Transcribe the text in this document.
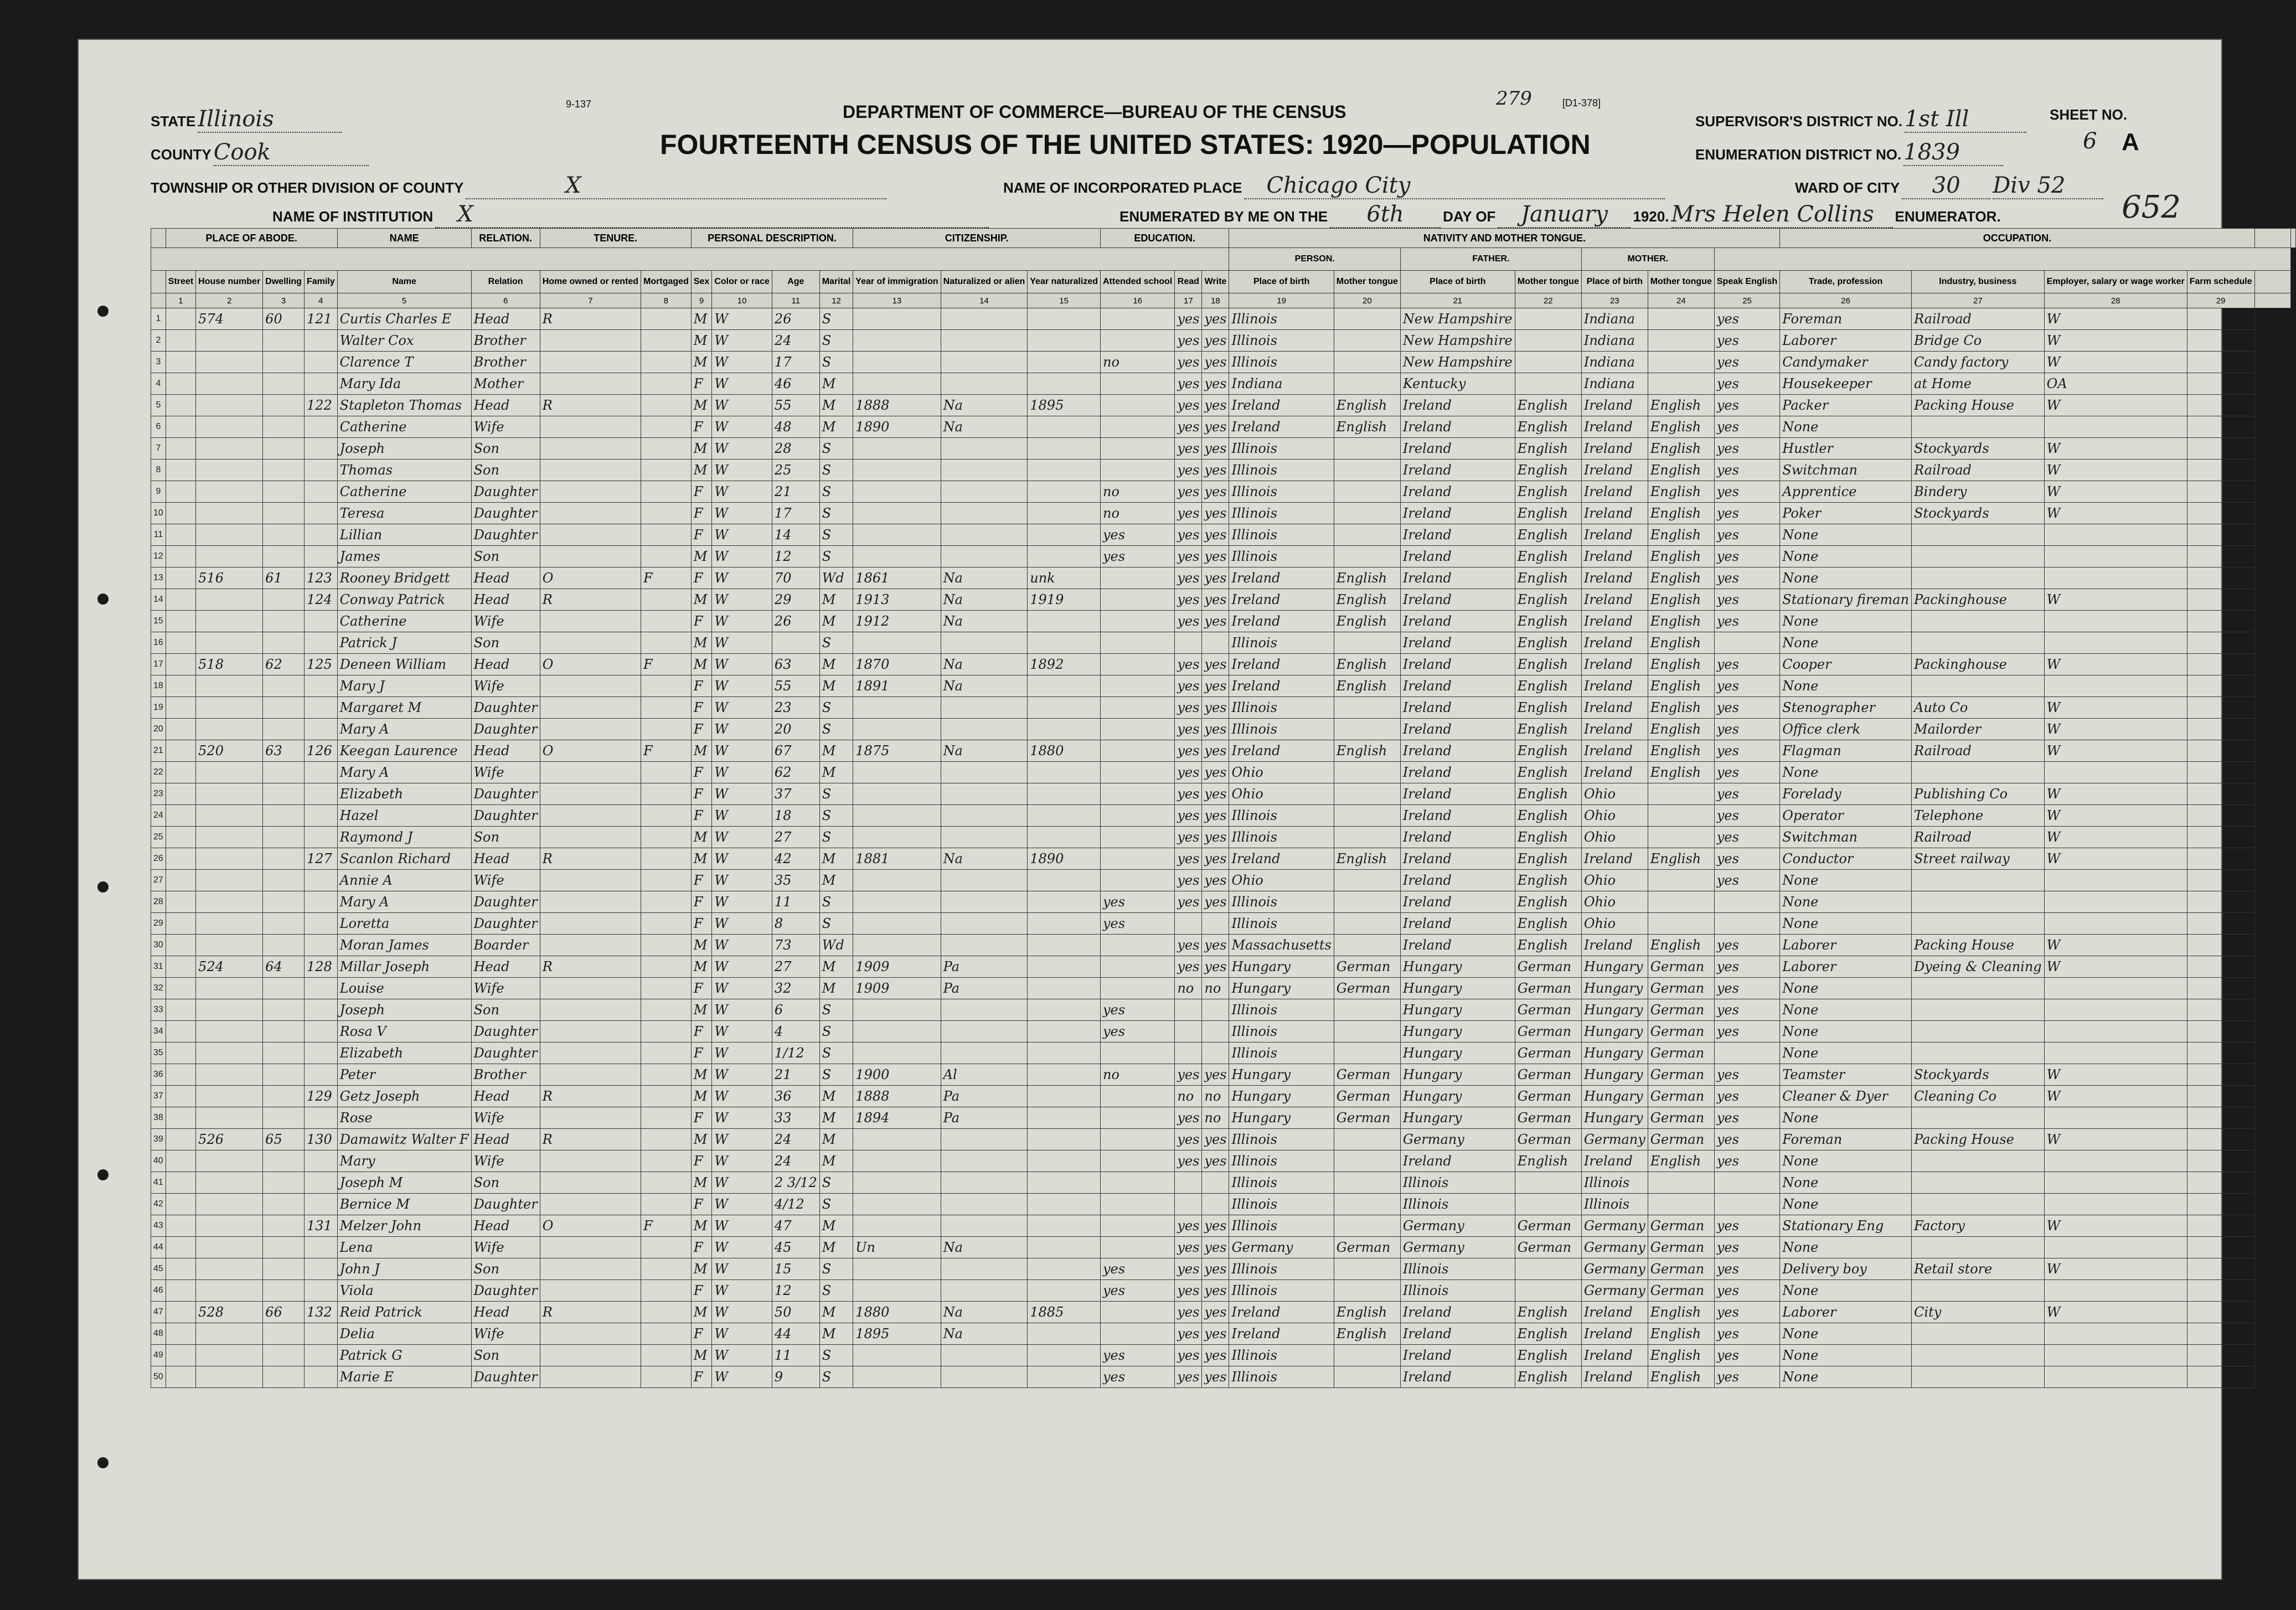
STATE Illinois
COUNTY Cook
9-137	DEPARTMENT OF COMMERCE—BUREAU OF THE CENSUS
279	[D1-378]
FOURTEENTH CENSUS OF THE UNITED STATES: 1920—POPULATION
SUPERVISOR'S DISTRICT NO. 1st Ill	SHEET NO.
6 A
ENUMERATION DISTRICT NO. 1839
TOWNSHIP OR OTHER DIVISION OF COUNTY	X	NAME OF INCORPORATED PLACE Chicago City	WARD OF CITY 30 Div 52
NAME OF INSTITUTION X	ENUMERATED BY ME ON THE 6th	DAY OF January 1920. Mrs Helen Collins ENUMERATOR.	652
	PLACE OF ABODE.				NAME	RELATION.	TENURE.		PERSONAL DESCRIPTION.				CITIZENSHIP.			EDUCATION.			NATIVITY AND MOTHER TONGUE.							OCCUPATION.					
																			PERSON.		FATHER.		MOTHER.								
	Street	House number	Dwelling	Family	Name	Relation	Home owned or rented	Mortgaged	Sex	Color or race	Age	Marital	Year of immigration	Naturalized or alien	Year naturalized	Attended school	Read	Write	Place of birth	Mother tongue	Place of birth	Mother tongue	Place of birth	Mother tongue	Speak English	Trade, profession	Industry, business	Employer, salary or wage worker	Farm schedule		
	1	2	3	4	5	6	7	8	9	10	11	12	13	14	15	16	17	18	19	20	21	22	23	24	25	26	27	28	29		
1		574	60	121	Curtis Charles E	Head	R		M	W	26	S					yes	yes	Illinois		New Hampshire		Indiana		yes	Foreman	Railroad	W		646	
2					Walter Cox	Brother			M	W	24	S					yes	yes	Illinois		New Hampshire		Indiana		yes	Laborer	Bridge Co	W		621	
3					Clarence T	Brother			M	W	17	S				no	yes	yes	Illinois		New Hampshire		Indiana		yes	Candymaker	Candy factory	W		454	
4					Mary Ida	Mother			F	W	46	M					yes	yes	Indiana		Kentucky		Indiana		yes	Housekeeper	at Home	OA			
5				122	Stapleton Thomas	Head	R		M	W	55	M	1888	Na	1895		yes	yes	Ireland	English	Ireland	English	Ireland	English	yes	Packer	Packing House	W		462	
6					Catherine	Wife			F	W	48	M	1890	Na			yes	yes	Ireland	English	Ireland	English	Ireland	English	yes	None					
7					Joseph	Son			M	W	28	S					yes	yes	Illinois		Ireland	English	Ireland	English	yes	Hustler	Stockyards	W		723	
8					Thomas	Son			M	W	25	S					yes	yes	Illinois		Ireland	English	Ireland	English	yes	Switchman	Railroad	W		654	
9					Catherine	Daughter			F	W	21	S				no	yes	yes	Illinois		Ireland	English	Ireland	English	yes	Apprentice	Bindery	W		131	
10					Teresa	Daughter			F	W	17	S				no	yes	yes	Illinois		Ireland	English	Ireland	English	yes	Poker	Stockyards	W		462	
11					Lillian	Daughter			F	W	14	S				yes	yes	yes	Illinois		Ireland	English	Ireland	English	yes	None					
12					James	Son			M	W	12	S				yes	yes	yes	Illinois		Ireland	English	Ireland	English	yes	None					
13		516	61	123	Rooney Bridgett	Head	O	F	F	W	70	Wd	1861	Na	unk		yes	yes	Ireland	English	Ireland	English	Ireland	English	yes	None					
14				124	Conway Patrick	Head	R		M	W	29	M	1913	Na	1919		yes	yes	Ireland	English	Ireland	English	Ireland	English	yes	Stationary fireman	Packinghouse	W		176	
15					Catherine	Wife			F	W	26	M	1912	Na			yes	yes	Ireland	English	Ireland	English	Ireland	English	yes	None					
16					Patrick J	Son			M	W		S							Illinois		Ireland	English	Ireland	English		None					
17		518	62	125	Deneen William	Head	O	F	M	W	63	M	1870	Na	1892		yes	yes	Ireland	English	Ireland	English	Ireland	English	yes	Cooper	Packinghouse	W		152	
18					Mary J	Wife			F	W	55	M	1891	Na			yes	yes	Ireland	English	Ireland	English	Ireland	English	yes	None					
19					Margaret M	Daughter			F	W	23	S					yes	yes	Illinois		Ireland	English	Ireland	English	yes	Stenographer	Auto Co	W		999	
20					Mary A	Daughter			F	W	20	S					yes	yes	Illinois		Ireland	English	Ireland	English	yes	Office clerk	Mailorder	W		707	
21		520	63	126	Keegan Laurence	Head	O	F	M	W	67	M	1875	Na	1880		yes	yes	Ireland	English	Ireland	English	Ireland	English	yes	Flagman	Railroad	W		654	
22					Mary A	Wife			F	W	62	M					yes	yes	Ohio		Ireland	English	Ireland	English	yes	None					
23					Elizabeth	Daughter			F	W	37	S					yes	yes	Ohio		Ireland	English	Ohio		yes	Forelady	Publishing Co	W		178	
24					Hazel	Daughter			F	W	18	S					yes	yes	Illinois		Ireland	English	Ohio		yes	Operator	Telephone	W		674	
25					Raymond J	Son			M	W	27	S					yes	yes	Illinois		Ireland	English	Ohio		yes	Switchman	Railroad	W		654	
26				127	Scanlon Richard	Head	R		M	W	42	M	1881	Na	1890		yes	yes	Ireland	English	Ireland	English	Ireland	English	yes	Conductor	Street railway	W		636	
27					Annie A	Wife			F	W	35	M					yes	yes	Ohio		Ireland	English	Ohio		yes	None					
28					Mary A	Daughter			F	W	11	S				yes	yes	yes	Illinois		Ireland	English	Ohio			None					
29					Loretta	Daughter			F	W	8	S				yes			Illinois		Ireland	English	Ohio			None					
30					Moran James	Boarder			M	W	73	Wd					yes	yes	Massachusetts		Ireland	English	Ireland	English	yes	Laborer	Packing House	W		244	
31		524	64	128	Millar Joseph	Head	R		M	W	27	M	1909	Pa			yes	yes	Hungary	German	Hungary	German	Hungary	German	yes	Laborer	Dyeing & Cleaning	W		120	
32					Louise	Wife			F	W	32	M	1909	Pa			no	no	Hungary	German	Hungary	German	Hungary	German	yes	None					
33					Joseph	Son			M	W	6	S				yes			Illinois		Hungary	German	Hungary	German	yes	None					
34					Rosa V	Daughter			F	W	4	S				yes			Illinois		Hungary	German	Hungary	German	yes	None					
35					Elizabeth	Daughter			F	W	1/12	S							Illinois		Hungary	German	Hungary	German		None					
36					Peter	Brother			M	W	21	S	1900	Al		no	yes	yes	Hungary	German	Hungary	German	Hungary	German	yes	Teamster	Stockyards	W		612	
37				129	Getz Joseph	Head	R		M	W	36	M	1888	Pa			no	no	Hungary	German	Hungary	German	Hungary	German	yes	Cleaner & Dyer	Cleaning Co	W		970	
38					Rose	Wife			F	W	33	M	1894	Pa			yes	no	Hungary	German	Hungary	German	Hungary	German	yes	None					
39		526	65	130	Damawitz Walter F	Head	R		M	W	24	M					yes	yes	Illinois		Germany	German	Germany	German	yes	Foreman	Packing House	W		178	
40					Mary	Wife			F	W	24	M					yes	yes	Illinois		Ireland	English	Ireland	English	yes	None					
41					Joseph M	Son			M	W	2 3/12	S							Illinois		Illinois		Illinois			None					
42					Bernice M	Daughter			F	W	4/12	S							Illinois		Illinois		Illinois			None					
43				131	Melzer John	Head	O	F	M	W	47	M					yes	yes	Illinois		Germany	German	Germany	German	yes	Stationary Eng	Factory	W		164	
44					Lena	Wife			F	W	45	M	Un	Na			yes	yes	Germany	German	Germany	German	Germany	German	yes	None					
45					John J	Son			M	W	15	S				yes	yes	yes	Illinois		Illinois		Germany	German	yes	Delivery boy	Retail store	W		997	
46					Viola	Daughter			F	W	12	S				yes	yes	yes	Illinois		Illinois		Germany	German	yes	None					
47		528	66	132	Reid Patrick	Head	R		M	W	50	M	1880	Na	1885		yes	yes	Ireland	English	Ireland	English	Ireland	English	yes	Laborer	City	W		805	
48					Delia	Wife			F	W	44	M	1895	Na			yes	yes	Ireland	English	Ireland	English	Ireland	English	yes	None					
49					Patrick G	Son			M	W	11	S				yes	yes	yes	Illinois		Ireland	English	Ireland	English	yes	None					
50					Marie E	Daughter			F	W	9	S				yes	yes	yes	Illinois		Ireland	English	Ireland	English	yes	None					
